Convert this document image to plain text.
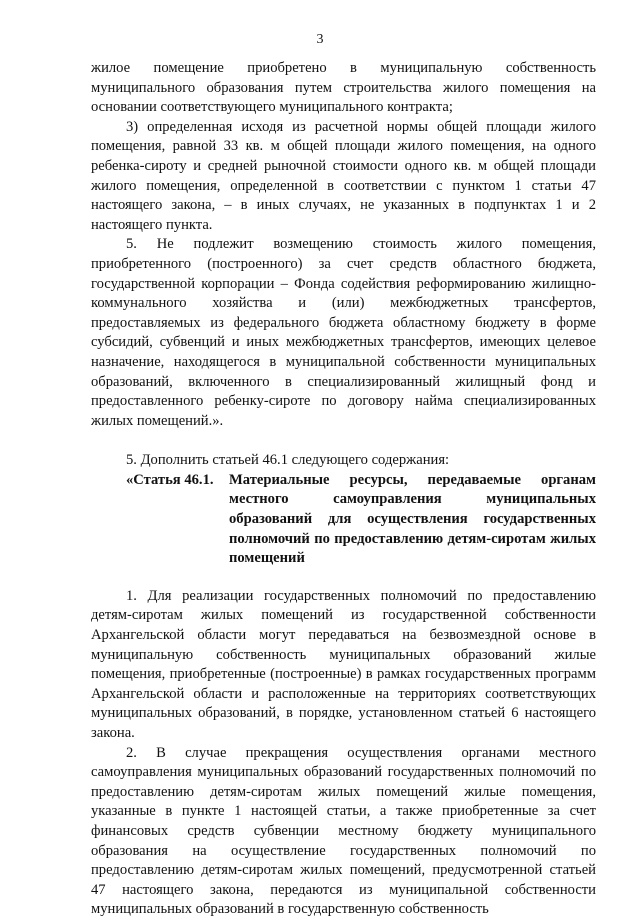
3

жилое помещение приобретено в муниципальную собственность муниципального образования путем строительства жилого помещения на основании соответствующего муниципального контракта;

3) определенная исходя из расчетной нормы общей площади жилого помещения, равной 33 кв. м общей площади жилого помещения, на одного ребенка-сироту и средней рыночной стоимости одного кв. м общей площади жилого помещения, определенной в соответствии с пунктом 1 статьи 47 настоящего закона, – в иных случаях, не указанных в подпунктах 1 и 2 настоящего пункта.

5. Не подлежит возмещению стоимость жилого помещения, приобретенного (построенного) за счет средств областного бюджета, государственной корпорации – Фонда содействия реформированию жилищно-коммунального хозяйства и (или) межбюджетных трансфертов, предоставляемых из федерального бюджета областному бюджету в форме субсидий, субвенций и иных межбюджетных трансфертов, имеющих целевое назначение, находящегося в муниципальной собственности муниципальных образований, включенного в специализированный жилищный фонд и предоставленного ребенку-сироте по договору найма специализированных жилых помещений.».

5. Дополнить статьей 46.1 следующего содержания:

«Статья 46.1.	Материальные ресурсы, передаваемые органам местного самоуправления муниципальных образований для осуществления государственных полномочий по предоставлению детям-сиротам жилых помещений

1. Для реализации государственных полномочий по предоставлению детям-сиротам жилых помещений из государственной собственности Архангельской области могут передаваться на безвозмездной основе в муниципальную собственность муниципальных образований жилые помещения, приобретенные (построенные) в рамках государственных программ Архангельской области и расположенные на территориях соответствующих муниципальных образований, в порядке, установленном статьей 6 настоящего закона.

2. В случае прекращения осуществления органами местного самоуправления муниципальных образований государственных полномочий по предоставлению детям-сиротам жилых помещений жилые помещения, указанные в пункте 1 настоящей статьи, а также приобретенные за счет финансовых средств субвенции местному бюджету муниципального образования на осуществление государственных полномочий по предоставлению детям-сиротам жилых помещений, предусмотренной статьей 47 настоящего закона, передаются из муниципальной собственности муниципальных образований в государственную собственность
